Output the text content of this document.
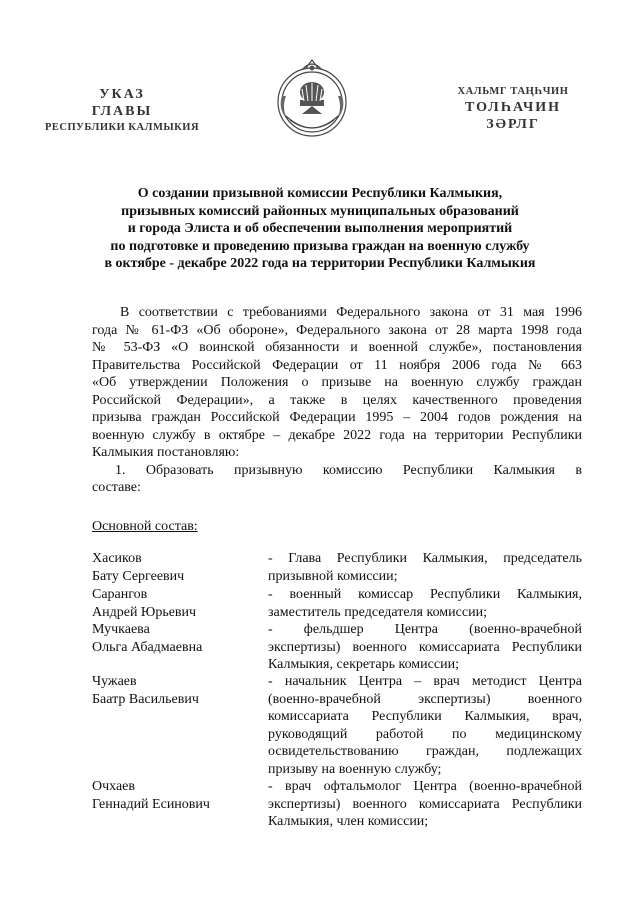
УКАЗ
ГЛАВЫ
РЕСПУБЛИКИ КАЛМЫКИЯ
ХАЛЬМГ ТАҢҺЧИН
ТОЛҺАЧИН
ЗӘРЛГ
О создании призывной комиссии Республики Калмыкия,
призывных комиссий районных муниципальных образований
и города Элиста и об обеспечении выполнения мероприятий
по подготовке и проведению призыва граждан на военную службу
в октябре - декабре 2022 года на территории Республики Калмыкия
В соответствии с требованиями Федерального закона от 31 мая 1996
года № 61-ФЗ «Об обороне», Федерального закона от 28 марта 1998 года
№ 53-ФЗ «О воинской обязанности и военной службе», постановления
Правительства Российской Федерации от 11 ноября 2006 года № 663
«Об утверждении Положения о призыве на военную службу граждан
Российской Федерации», а также в целях качественного проведения
призыва граждан Российской Федерации 1995 – 2004 годов рождения на
военную службу в октябре – декабре 2022 года на территории Республики
Калмыкия постановляю:
1. Образовать призывную комиссию Республики Калмыкия в
составе:
Основной состав:
Хасиков
Бату Сергеевич
- Глава Республики Калмыкия, председатель
призывной комиссии;
Сарангов
Андрей Юрьевич
- военный комиссар Республики Калмыкия,
заместитель председателя комиссии;
Мучкаева
Ольга Абадмаевна
- фельдшер Центра (военно-врачебной
экспертизы) военного комиссариата Республики
Калмыкия, секретарь комиссии;
Чужаев
Баатр Васильевич
- начальник Центра – врач методист Центра
(военно-врачебной экспертизы) военного
комиссариата Республики Калмыкия, врач,
руководящий работой по медицинскому
освидетельствованию граждан, подлежащих
призыву на военную службу;
Очхаев
Геннадий Есинович
- врач офтальмолог Центра (военно-врачебной
экспертизы) военного комиссариата Республики
Калмыкия, член комиссии;
